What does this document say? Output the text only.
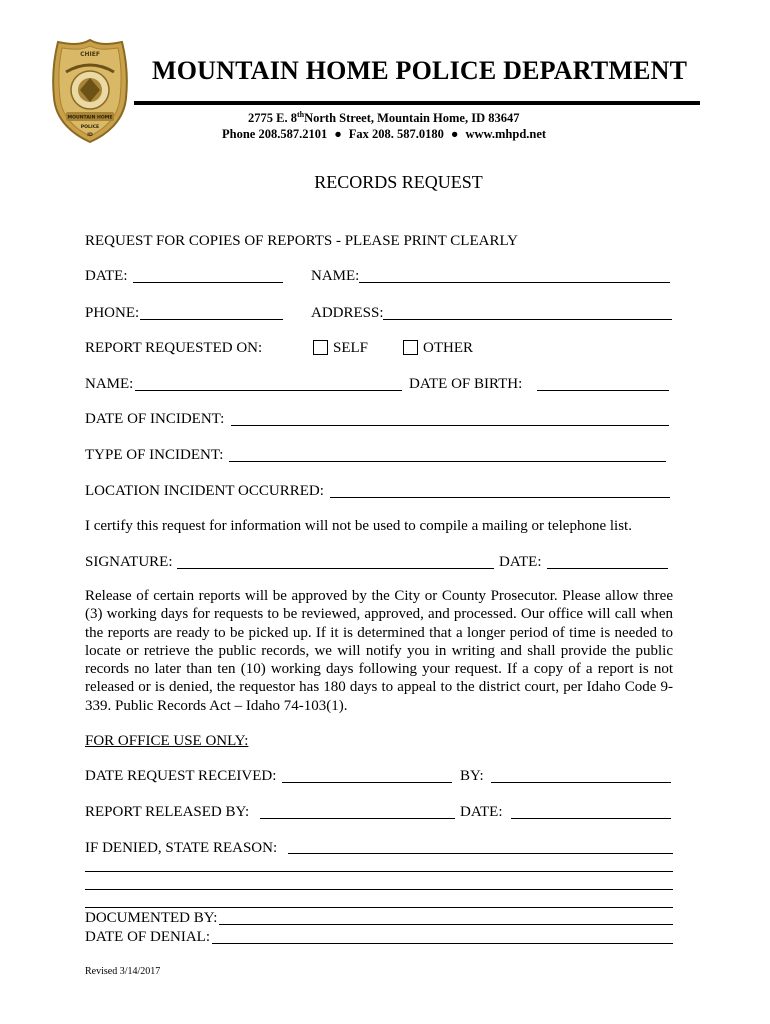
CHIEF
MOUNTAIN HOME
POLICE
ID
MOUNTAIN HOME POLICE DEPARTMENT
2775 E. 8thNorth Street, Mountain Home, ID 83647
Phone 208.587.2101 ● Fax 208. 587.0180 ● www.mhpd.net
RECORDS REQUEST
REQUEST FOR COPIES OF REPORTS - PLEASE PRINT CLEARLY
DATE:	NAME:
PHONE:	ADDRESS:
REPORT REQUESTED ON:	SELF	OTHER
NAME:	DATE OF BIRTH:
DATE OF INCIDENT:
TYPE OF INCIDENT:
LOCATION INCIDENT OCCURRED:
I certify this request for information will not be used to compile a mailing or telephone list.
SIGNATURE:	DATE:
Release of certain reports will be approved by the City or County Prosecutor. Please allow three (3) working days for requests to be reviewed, approved, and processed. Our office will call when the reports are ready to be picked up. If it is determined that a longer period of time is needed to locate or retrieve the public records, we will notify you in writing and shall provide the public records no later than ten (10) working days following your request. If a copy of a report is not released or is denied, the requestor has 180 days to appeal to the district court, per Idaho Code 9-339. Public Records Act – Idaho 74-103(1).
FOR OFFICE USE ONLY:
DATE REQUEST RECEIVED:	BY:
REPORT RELEASED BY:	DATE:
IF DENIED, STATE REASON:
DOCUMENTED BY:
DATE OF DENIAL:
Revised 3/14/2017
